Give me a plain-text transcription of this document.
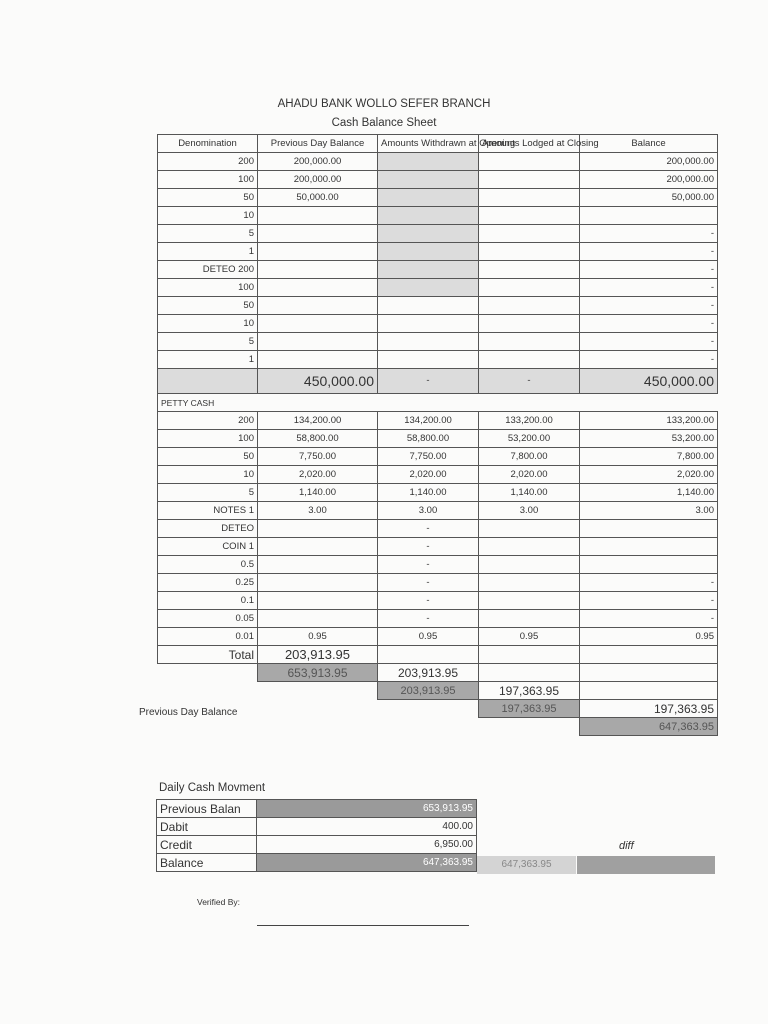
AHADU BANK WOLLO SEFER BRANCH
Cash Balance Sheet
Denomination	Previous Day Balance	Amounts Withdrawn at Opening	Amounts Lodged at Closing	Balance
200	200,000.00			200,000.00
100	200,000.00			200,000.00
50	50,000.00			50,000.00
10				
5				-
1				-
DETEO 200				-
100				-
50				-
10				-
5				-
1				-
	450,000.00	-	-	450,000.00
PETTY CASH				
200	134,200.00	134,200.00	133,200.00	133,200.00
100	58,800.00	58,800.00	53,200.00	53,200.00
50	7,750.00	7,750.00	7,800.00	7,800.00
10	2,020.00	2,020.00	2,020.00	2,020.00
5	1,140.00	1,140.00	1,140.00	1,140.00
NOTES 1	3.00	3.00	3.00	3.00
DETEO		-		
COIN 1		-		
0.5		-		
0.25		-		-
0.1		-		-
0.05		-		-
0.01	0.95	0.95	0.95	0.95
Total	203,913.95			
	653,913.95	203,913.95		
		203,913.95	197,363.95	
			197,363.95	197,363.95
				647,363.95
Previous Day Balance
Daily Cash Movment
Previous Balan	653,913.95
Dabit	400.00
Credit	6,950.00
Balance	647,363.95	647,363.95
diff
Verified By:
